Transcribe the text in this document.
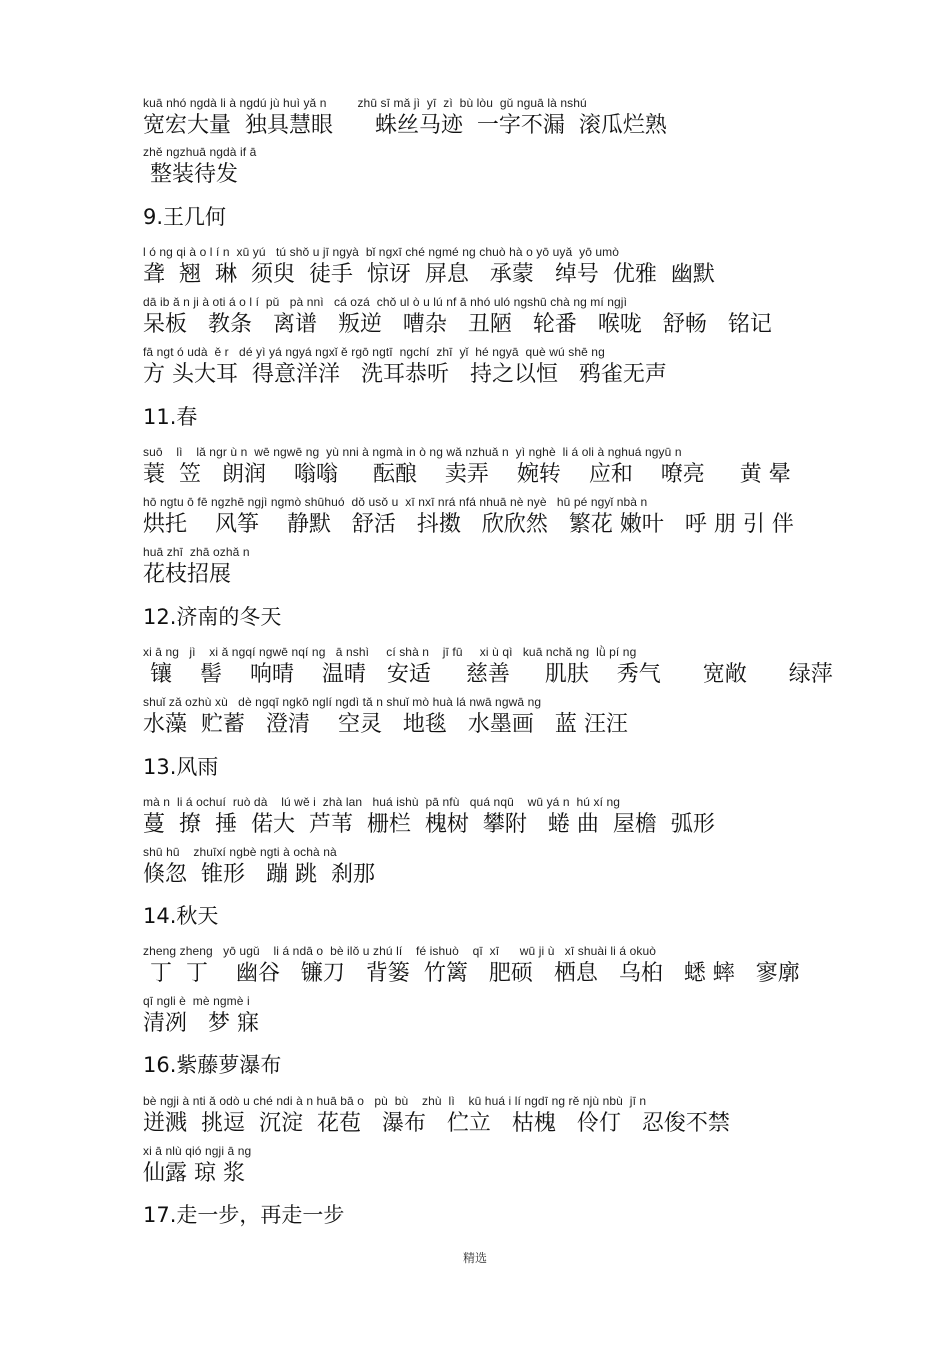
kuā nhó ngdà li à ngdú jù huì yǎ n         zhū sī mǎ jì  yī  zì  bù lòu  gǔ nguā là nshú
宽宏大量  独具慧眼      蛛丝马迹  一字不漏  滚瓜烂熟
zhě ngzhuā ngdà if ā
整装待发
9.王几何
l ó ng qi à o l í n  xū yú   tú shǒ u jī ngyà  bǐ ngxī ché ngmé ng chuò hà o yō uyǎ  yō umò
聋  翘  琳  须臾  徒手  惊讶  屏息   承蒙   绰号  优雅  幽默
dā ib ǎ n ji à oti á o l í  pǔ   pà nnì   cá ozá  chǒ ul ò u lú nf ā nhó uló ngshū chà ng mí ngjì
呆板   教条   离谱   叛逆   嘈杂   丑陋   轮番   喉咙   舒畅   铭记
fā ngt ó udà  ě r   dé yì yá ngyá ngxǐ ě rgō ngtī  ngchí  zhī  yǐ  hé ngyā  què wú shē ng
方 头大耳  得意洋洋   洗耳恭听   持之以恒   鸦雀无声
11.春
suō    lì    lǎ ngr ù n  wē ngwē ng  yù nni à ngmà in ò ng wǎ nzhuǎ n  yì nghè  li á oli à nghuá ngyū n
蓑  笠   朗润    嗡嗡     酝酿    卖弄    婉转    应和    嘹亮     黄 晕
hō ngtu ō fē ngzhē ngjì ngmò shūhuó  dǒ usǒ u  xī nxī nrá nfá nhuā nè nyè   hū pé ngyǐ nbà n
烘托    风筝    静默   舒活   抖擞   欣欣然   繁花 嫩叶   呼 朋 引 伴
huā zhī  zhā ozhǎ n
花枝招展
12.济南的冬天
xi ā ng   jì    xi ǎ ngqí ngwē nqí ng   ā nshì     cí shà n    jī fū     xi ù qì   kuā nchǎ ng  lǜ pí ng
镶    髻    响晴    温晴   安适     慈善     肌肤    秀气      宽敞      绿萍
shuǐ zǎ ozhù xù   dè ngqī ngkō nglí ngdì tǎ n shuǐ mò huà lá nwā ngwā ng
水藻  贮蓄   澄清    空灵   地毯   水墨画   蓝 汪汪
13.风雨
mà n  li á ochuí  ruò dà    lú wě i  zhà lan   huá ishù  pā nfù   quá nqū    wū yá n  hú xí ng
蔓  撩  捶  偌大  芦苇  栅栏  槐树  攀附   蜷 曲  屋檐  弧形
shū hū    zhuīxí ngbè ngti à ochà nà
倏忽  锥形   蹦 跳  刹那
14.秋天
zheng zheng   yō ugǔ    li á ndā o  bè ilǒ u zhú lí    fé ishuò    qī  xī      wū ji ù   xī shuài li á okuò
丁  丁    幽谷   镰刀   背篓  竹篱   肥硕   栖息   乌桕   蟋 蟀   寥廓
qī ngli è  mè ngmè i
清冽   梦 寐
16.紫藤萝瀑布
bè ngji à nti ǎ odò u ché ndi à n huā bā o   pù  bù    zhù  lì    kū huá i lí ngdī ng rě njù nbù  jī n
迸溅  挑逗  沉淀  花苞   瀑布   伫立   枯槐   伶仃   忍俊不禁
xi ā nlù qió ngji ā ng
仙露 琼 浆
17.走一步，再走一步
精选
